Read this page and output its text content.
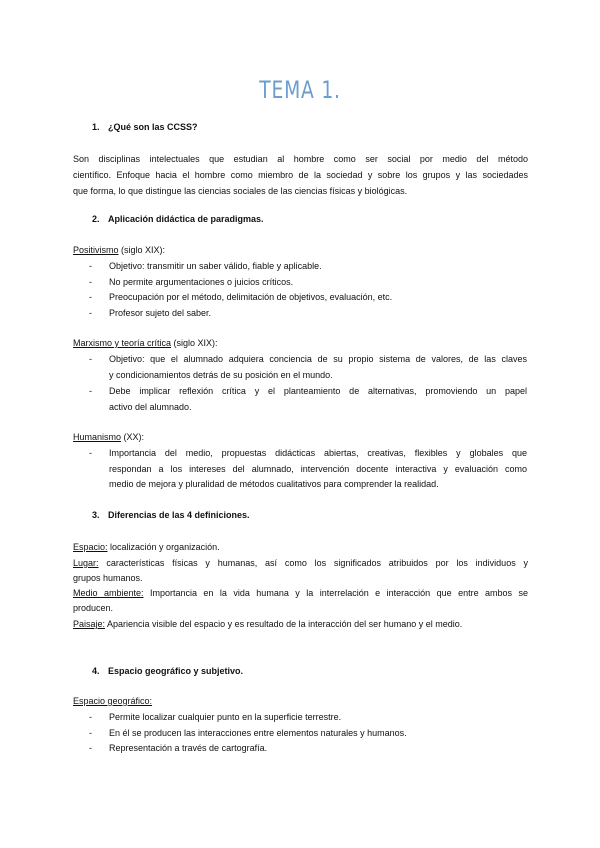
TEMA 1.
1. ¿Qué son las CCSS?
Son disciplinas intelectuales que estudian al hombre como ser social por medio del método
científico. Enfoque hacia el hombre como miembro de la sociedad y sobre los grupos y las sociedades
que forma, lo que distingue las ciencias sociales de las ciencias físicas y biológicas.
2. Aplicación didáctica de paradigmas.
Positivismo (siglo XIX):
- Objetivo: transmitir un saber válido, fiable y aplicable.
- No permite argumentaciones o juicios críticos.
- Preocupación por el método, delimitación de objetivos, evaluación, etc.
- Profesor sujeto del saber.
Marxismo y teoría crítica (siglo XIX):
- Objetivo: que el alumnado adquiera conciencia de su propio sistema de valores, de las claves
y condicionamientos detrás de su posición en el mundo.
- Debe implicar reflexión crítica y el planteamiento de alternativas, promoviendo un papel
activo del alumnado.
Humanismo (XX):
- Importancia del medio, propuestas didácticas abiertas, creativas, flexibles y globales que
respondan a los intereses del alumnado, intervención docente interactiva y evaluación como
medio de mejora y pluralidad de métodos cualitativos para comprender la realidad.
3. Diferencias de las 4 definiciones.
Espacio: localización y organización.
Lugar: características físicas y humanas, así como los significados atribuidos por los individuos y
grupos humanos.
Medio ambiente: Importancia en la vida humana y la interrelación e interacción que entre ambos se
producen.
Paisaje: Apariencia visible del espacio y es resultado de la interacción del ser humano y el medio.
4. Espacio geográfico y subjetivo.
Espacio geográfico:
- Permite localizar cualquier punto en la superficie terrestre.
- En él se producen las interacciones entre elementos naturales y humanos.
- Representación a través de cartografía.
